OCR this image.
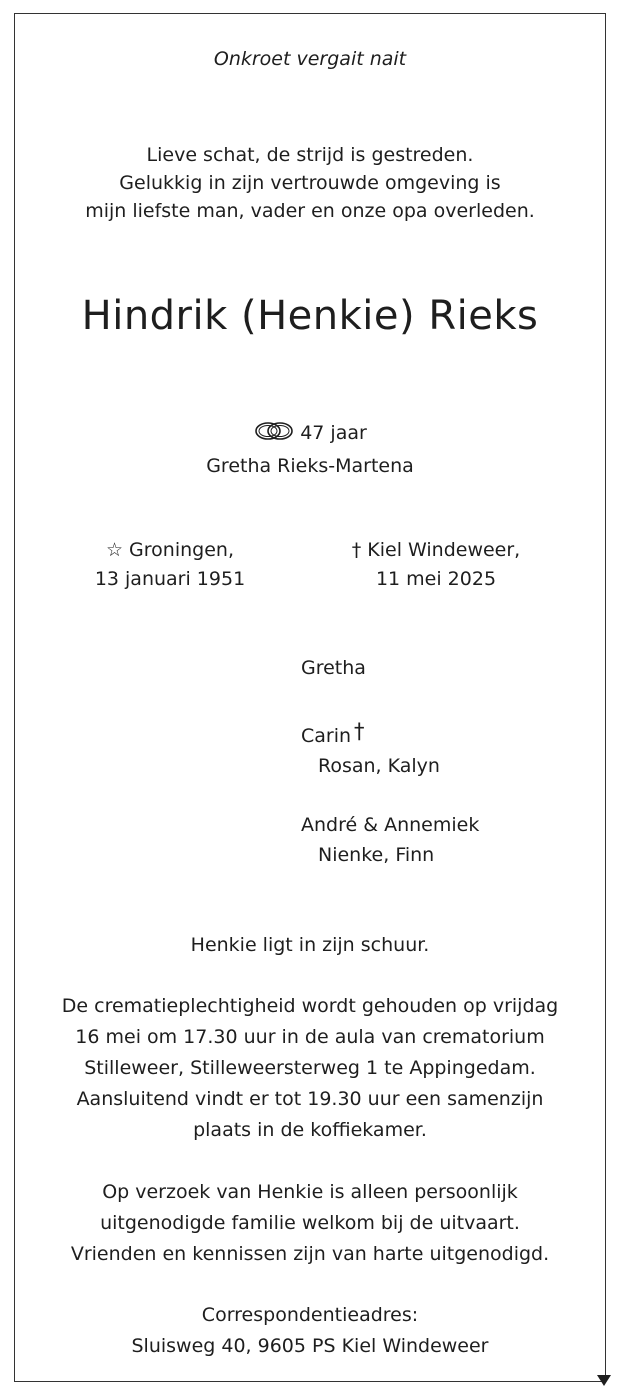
Onkroet vergait nait
Lieve schat, de strijd is gestreden.
Gelukkig in zijn vertrouwde omgeving is
mijn liefste man, vader en onze opa overleden.
Hindrik (Henkie) Rieks
47 jaar
Gretha Rieks-Martena
☆ Groningen,
13 januari 1951
† Kiel Windeweer,
11 mei 2025
Gretha
Carin †
Rosan, Kalyn
André & Annemiek
Nienke, Finn
Henkie ligt in zijn schuur.
De crematieplechtigheid wordt gehouden op vrijdag
16 mei om 17.30 uur in de aula van crematorium
Stilleweer, Stilleweersterweg 1 te Appingedam.
Aansluitend vindt er tot 19.30 uur een samenzijn
plaats in de koffiekamer.
Op verzoek van Henkie is alleen persoonlijk
uitgenodigde familie welkom bij de uitvaart.
Vrienden en kennissen zijn van harte uitgenodigd.
Correspondentieadres:
Sluisweg 40, 9605 PS Kiel Windeweer
